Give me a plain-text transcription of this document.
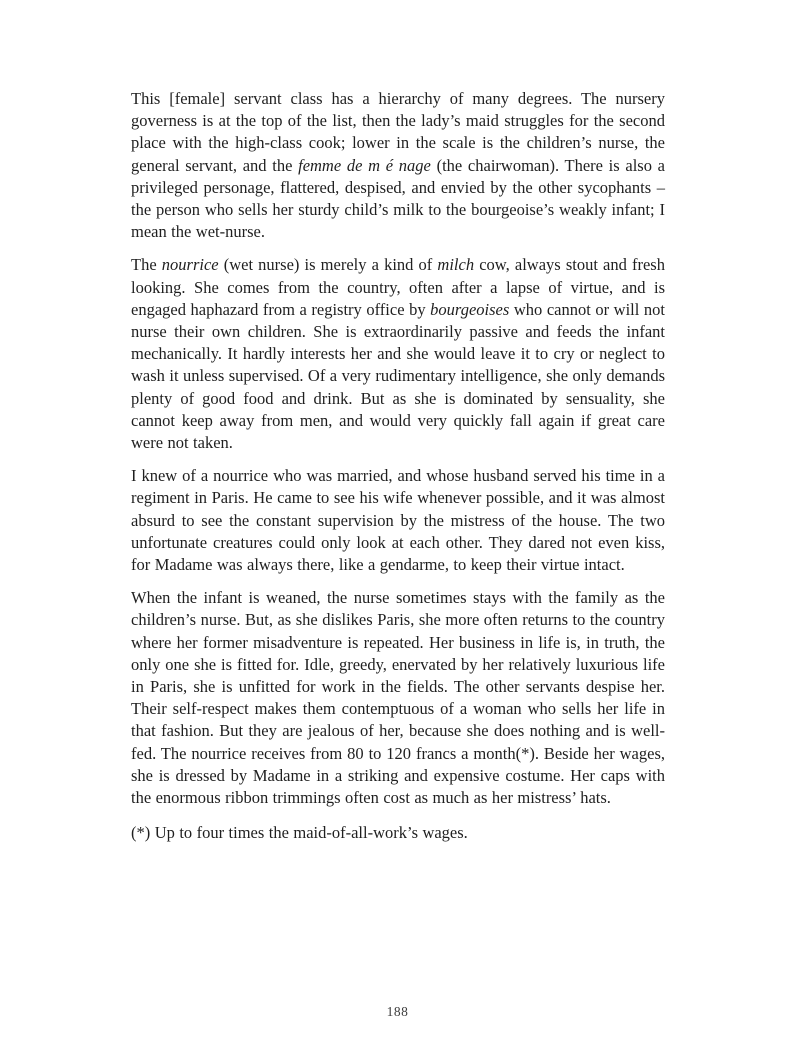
This [female] servant class has a hierarchy of many degrees. The nursery governess is at the top of the list, then the lady’s maid struggles for the second place with the high-class cook; lower in the scale is the children’s nurse, the general servant, and the femme de m é nage (the chairwoman). There is also a privileged personage, flattered, despised, and envied by the other sycophants – the person who sells her sturdy child’s milk to the bourgeoise’s weakly infant; I mean the wet-nurse.

The nourrice (wet nurse) is merely a kind of milch cow, always stout and fresh looking. She comes from the country, often after a lapse of virtue, and is engaged haphazard from a registry office by bourgeoises who cannot or will not nurse their own children. She is extraordinarily passive and feeds the infant mechanically. It hardly interests her and she would leave it to cry or neglect to wash it unless supervised. Of a very rudimentary intelligence, she only demands plenty of good food and drink. But as she is dominated by sensuality, she cannot keep away from men, and would very quickly fall again if great care were not taken.

I knew of a nourrice who was married, and whose husband served his time in a regiment in Paris. He came to see his wife whenever possible, and it was almost absurd to see the constant supervision by the mistress of the house. The two unfortunate creatures could only look at each other. They dared not even kiss, for Madame was always there, like a gendarme, to keep their virtue intact.

When the infant is weaned, the nurse sometimes stays with the family as the children’s nurse. But, as she dislikes Paris, she more often returns to the country where her former misadventure is repeated. Her business in life is, in truth, the only one she is fitted for. Idle, greedy, enervated by her relatively luxurious life in Paris, she is unfitted for work in the fields. The other servants despise her. Their self-respect makes them contemptuous of a woman who sells her life in that fashion. But they are jealous of her, because she does nothing and is well-fed. The nourrice receives from 80 to 120 francs a month(*). Beside her wages, she is dressed by Madame in a striking and expensive costume. Her caps with the enormous ribbon trimmings often cost as much as her mistress’ hats.

(*) Up to four times the maid-of-all-work’s wages.

188
